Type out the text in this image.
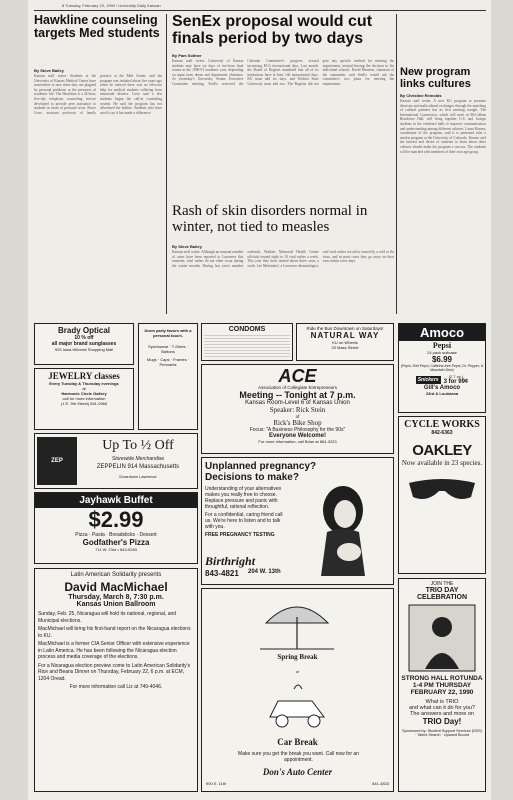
8 Tuesday, February 20, 1990 / University Daily Kansan
Hawkline counseling targets Med students
By Steve Bailey
Kansan staff writer. Students at the University of Kansas Medical Center have somewhere to turn when they are plagued by personal problems or the pressures of academic life. The Hawkline is a 24-hour, five-day telephone counseling service developed to provide peer assistance to students in times of personal crisis. Bruce Liese, assistant professor of family practice at the Med Center, said the program was initiated about five years ago when he noticed there was no effective help for medical students suffering from emotional distress. Liese said a few students began the call-in counseling system. He said the program has not advertised the hotline. Students who have used it say it has made a difference.
SenEx proposal would cut finals period by two days
By Pam Soltner
Kansan staff writer. University of Kansas students may have six days of two-hour final exams in the 1990-91 academic year, depending on input from deans and department chairmen. At yesterday's University Senate Executive Committee meeting, SenEx reviewed the Calendar Committee's progress toward increasing KU's instructional days. Last month, the Board of Regents mandated that all of its institutions have at least 146 instructional days. KU must add six days, and Wichita State University must add two. The Regents did not give any specific method for meeting the requirement, instead leaving the decision to the individual schools. David Dinneen, chairman of the committee, said SenEx would ask the committee's two plans for meeting the requirement.
Rash of skin disorders normal in winter, not tied to measles
By Steve Bailey
Kansan staff writer. Although an unusual number of cases have been reported to Lawrence this semester, viral rashes do not often occur during the winter months. During last year's measles outbreak, Watkins Memorial Health Center officials treated eight to 10 viral rashes a week. This year they have treated about three cases a week. Lee Mittendorf, a Lawrence dermatologist, said viral rashes are often caused by a cold or flu virus, and in most cases they go away on their own within a few days.
New program links cultures
By Christine Reinolds
Kansan staff writer. A new KU program to promote diversity and multicultural exchanges through the matching of cultural partners has its first meeting tonight. The International Connection, which will meet at McCollum Residence Hall, will bring together U.S. and foreign students in the residence halls to improve communication and understanding among different cultures. Laura Kinney, coordinator of the program, said it is patterned after a similar program at the University of Colorado. Kinney said the interest and desire of students to learn about other cultures should make the program a success. The students will be matched with members of their own age group.
Brady Optical
10 % off
all major brand sunglasses
925 Iowa-Hillcrest Shopping Mall
JEWELRY classes
Every Tuesday & Thursday evenings
at
Harmonic Circle Gallery
call for more information
(1 E. 9th Street) 841-0966
Dorm party favors with a personal touch.
Sportswear · T-Shirts · Buttons
Mugs · Caps · Frames · Pennants
ZEP
Up To ½ Off
Storewide Merchandise
ZEPPELIN 914 Massachusetts
Downtown Lawrence
Jayhawk Buffet
$2.99
Pizza · Pasta · Breadsticks · Dessert
Godfather's Pizza
711 W. 23rd • 843-0283
Latin American Solidarity presents
David MacMichael
Thursday, March 8, 7:30 p.m.
Kansas Union Ballroom
Sunday, Feb. 25, Nicaragua will hold its national, regional, and Municipal elections.
MacMichael will bring his first-hand report on the Nicaragua elections to KU.
MacMichael is a former CIA Senior Officer with extensive experience in Latin America. He has been following the Nicaragua election process and media coverage of the elections.
For a Nicaragua election preview come to Latin American Solidarity's Rice and Beans Dinner on Thursday, February 22, 6 p.m. at ECM, 1204 Oread.
For more information call Liz at 749-4046.
CONDOMS	Ride the Bus Downtown on Saturdays!
NATURAL WAY
KU on Wheels
20 Mass Street
ACE
Association of Collegiate Entrepreneurs
Meeting -- Tonight at 7 p.m.
Kansas Room-Level 6 of Kansas Union
Speaker: Rick Stein
of
Rick's Bike Shop
Focus: "A Business Philosophy for the 90s"
Everyone Welcome!
For more information, call Brian at 864-3223
Unplanned pregnancy? Decisions to make?
Understanding of your alternatives makes you really free to choose. Replace pressure and panic with thoughtful, rational reflection.
For a confidential, caring friend call us. We're here to listen and to talk with you.
FREE PREGNANCY TESTING
Birthright
843-4821 204 W. 13th
Spring Break
or
Car Break
Make sure you get the break you want. Call now for an appointment.
Don's Auto Center
900 E. 11th	841-4833
Amoco
Pepsi
24 pack suitcase
$6.99
(Pepsi, Diet Pepsi, Caffeine-free Pepsi, Dr. Pepper, & Mountain Dew)
Snickers	(2.7 oz.)
3 for 99¢
Gill's Amoco
23rd & Louisiana
CYCLE WORKS
842-6363
OAKLEY
Now available in 23 species.
JOIN THE
TRIO DAY CELEBRATION
STRONG HALL ROTUNDA
1-4 PM THURSDAY
FEBRUARY 22, 1990
What is TRIO
and what can it do for you?
The answers and more on
TRIO Day!
Sponsored by: Student Support Services (SSS) · Talent Search · Upward Bound
